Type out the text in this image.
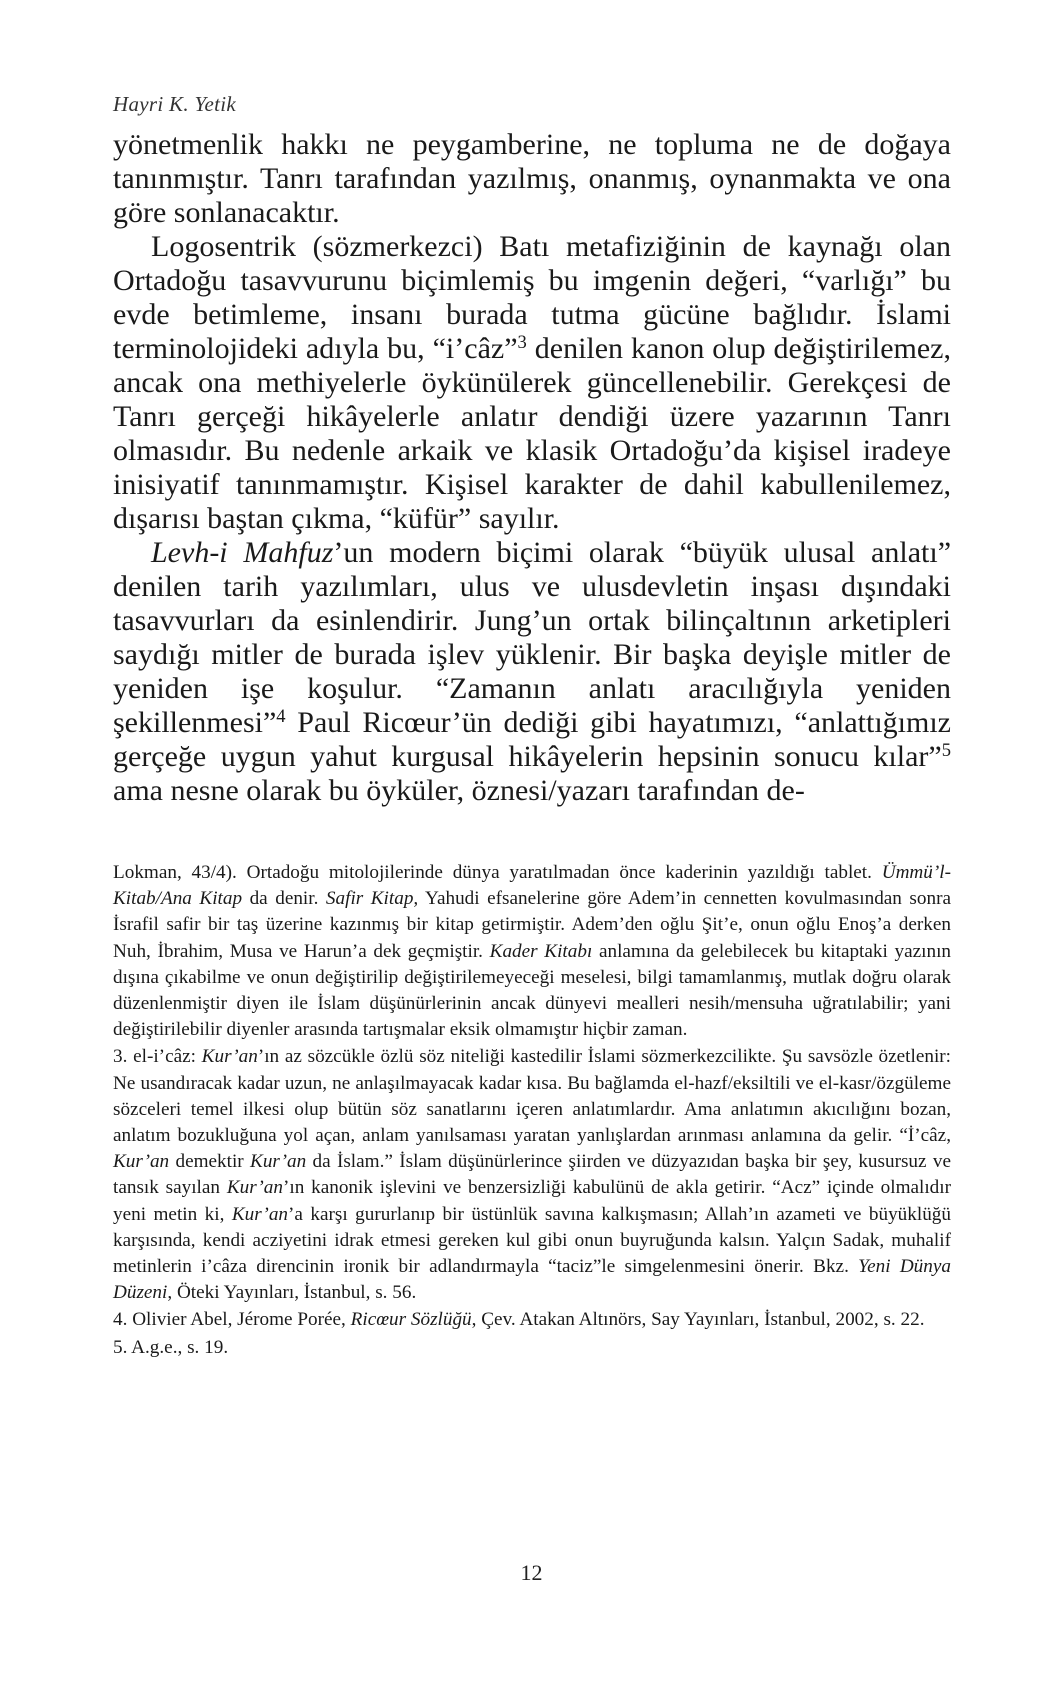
Hayri K. Yetik

yönetmenlik hakkı ne peygamberine, ne topluma ne de doğaya tanınmıştır. Tanrı tarafından yazılmış, onanmış, oynanmakta ve ona göre sonlanacaktır.

Logosentrik (sözmerkezci) Batı metafiziğinin de kaynağı olan Ortadoğu tasavvurunu biçimlemiş bu imgenin değeri, “varlığı” bu evde betimleme, insanı burada tutma gücüne bağlıdır. İslami terminolojideki adıyla bu, “i’câz”$^3$ denilen kanon olup değiştirilemez, ancak ona methiyelerle öykünülerek güncellenebilir. Gerekçesi de Tanrı gerçeği hikâyelerle anlatır dendiği üzere yazarının Tanrı olmasıdır. Bu nedenle arkaik ve klasik Ortadoğu’da kişisel iradeye inisiyatif tanınmamıştır. Kişisel karakter de dahil kabullenilemez, dışarısı baştan çıkma, “küfür” sayılır.

Levh-i Mahfuz’un modern biçimi olarak “büyük ulusal anlatı” denilen tarih yazılımları, ulus ve ulusdevletin inşası dışındaki tasavvurları da esinlendirir. Jung’un ortak bilinçaltının arketipleri saydığı mitler de burada işlev yüklenir. Bir başka deyişle mitler de yeniden işe koşulur. “Zamanın anlatı aracılığıyla yeniden şekillenmesi”$^4$ Paul Ricœur’ün dediği gibi hayatımızı, “anlattığımız gerçeğe uygun yahut kurgusal hikâyelerin hepsinin sonucu kılar”$^5$ ama nesne olarak bu öyküler, öznesi/yazarı tarafından de-

Lokman, 43/4). Ortadoğu mitolojilerinde dünya yaratılmadan önce kaderinin yazıldığı tablet. Ümmü’l-Kitab/Ana Kitap da denir. Safir Kitap, Yahudi efsanelerine göre Adem’in cennetten kovulmasından sonra İsrafil safir bir taş üzerine kazınmış bir kitap getirmiştir. Adem’den oğlu Şit’e, onun oğlu Enoş’a derken Nuh, İbrahim, Musa ve Harun’a dek geçmiştir. Kader Kitabı anlamına da gelebilecek bu kitaptaki yazının dışına çıkabilme ve onun değiştirilip değiştirilemeyeceği meselesi, bilgi tamamlanmış, mutlak doğru olarak düzenlenmiştir diyen ile İslam düşünürlerinin ancak dünyevi mealleri nesih/mensuha uğratılabilir; yani değiştirilebilir diyenler arasında tartışmalar eksik olmamıştır hiçbir zaman.

3. el-i’câz: Kur’an’ın az sözcükle özlü söz niteliği kastedilir İslami sözmerkezcilikte. Şu savsözle özetlenir: Ne usandıracak kadar uzun, ne anlaşılmayacak kadar kısa. Bu bağlamda el-hazf/eksiltili ve el-kasr/özgüleme sözceleri temel ilkesi olup bütün söz sanatlarını içeren anlatımlardır. Ama anlatımın akıcılığını bozan, anlatım bozukluğuna yol açan, anlam yanılsaması yaratan yanlışlardan arınması anlamına da gelir. “İ’câz, Kur’an demektir Kur’an da İslam.” İslam düşünürlerince şiirden ve düzyazıdan başka bir şey, kusursuz ve tansık sayılan Kur’an’ın kanonik işlevini ve benzersizliği kabulünü de akla getirir. “Acz” içinde olmalıdır yeni metin ki, Kur’an’a karşı gururlanıp bir üstünlük savına kalkışmasın; Allah’ın azameti ve büyüklüğü karşısında, kendi acziyetini idrak etmesi gereken kul gibi onun buyruğunda kalsın. Yalçın Sadak, muhalif metinlerin i’câza direncinin ironik bir adlandırmayla “taciz”le simgelenmesini önerir. Bkz. Yeni Dünya Düzeni, Öteki Yayınları, İstanbul, s. 56.

4. Olivier Abel, Jérome Porée, Ricœur Sözlüğü, Çev. Atakan Altınörs, Say Yayınları, İstanbul, 2002, s. 22.

5. A.g.e., s. 19.

12
